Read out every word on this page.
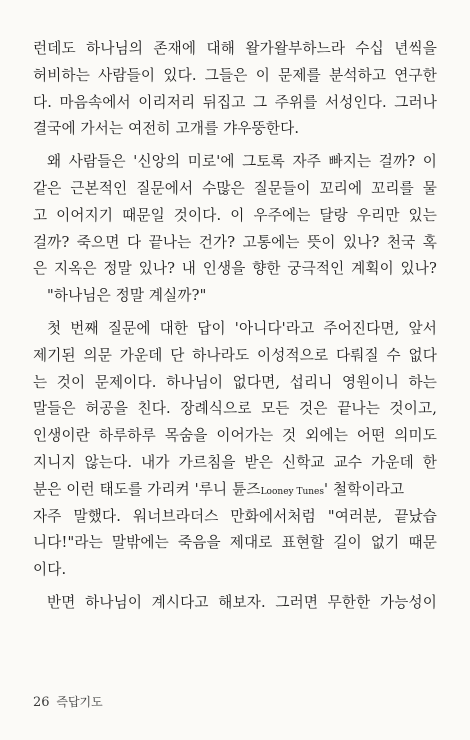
런데도 하나님의 존재에 대해 왈가왈부하느라 수십 년씩을
허비하는 사람들이 있다. 그들은 이 문제를 분석하고 연구한
다. 마음속에서 이리저리 뒤집고 그 주위를 서성인다. 그러나
결국에 가서는 여전히 고개를 갸우뚱한다.
왜 사람들은 '신앙의 미로'에 그토록 자주 빠지는 걸까? 이
같은 근본적인 질문에서 수많은 질문들이 꼬리에 꼬리를 물
고 이어지기 때문일 것이다. 이 우주에는 달랑 우리만 있는
걸까? 죽으면 다 끝나는 건가? 고통에는 뜻이 있나? 천국 혹
은 지옥은 정말 있나? 내 인생을 향한 궁극적인 계획이 있나?
"하나님은 정말 계실까?"
첫 번째 질문에 대한 답이 '아니다'라고 주어진다면, 앞서
제기된 의문 가운데 단 하나라도 이성적으로 다뤄질 수 없다
는 것이 문제이다. 하나님이 없다면, 섭리니 영원이니 하는
말들은 허공을 친다. 장례식으로 모든 것은 끝나는 것이고,
인생이란 하루하루 목숨을 이어가는 것 외에는 어떤 의미도
지니지 않는다. 내가 가르침을 받은 신학교 교수 가운데 한
분은 이런 태도를 가리켜 '루니 튠즈Looney Tunes' 철학이라고
자주 말했다. 워너브라더스 만화에서처럼 "여러분, 끝났습
니다!"라는 말밖에는 죽음을 제대로 표현할 길이 없기 때문
이다.
반면 하나님이 계시다고 해보자. 그러면 무한한 가능성이
26 즉답기도
